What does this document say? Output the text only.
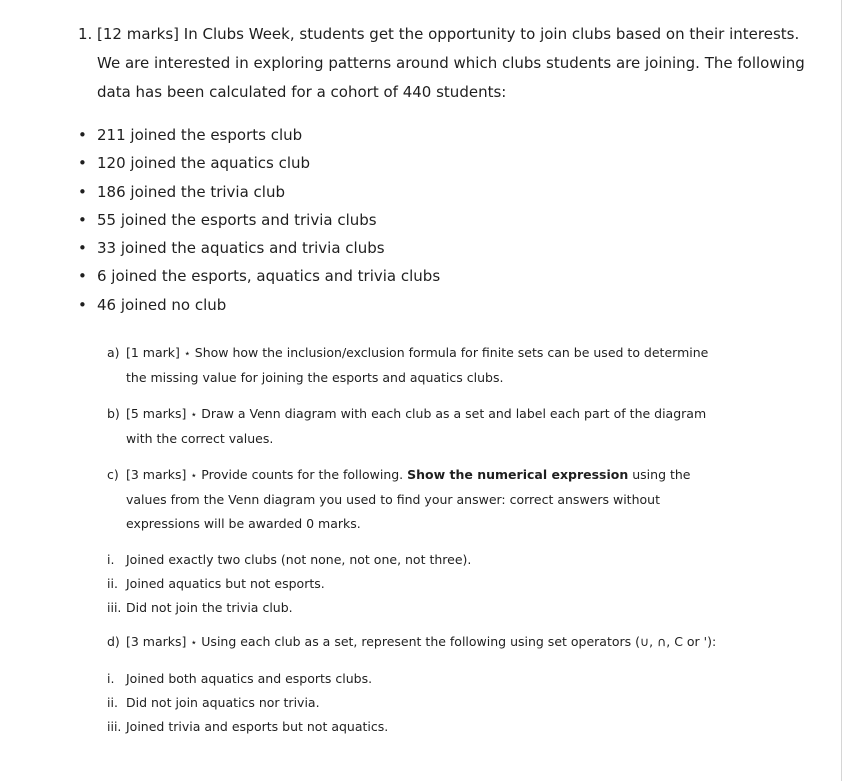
1. [12 marks] In Clubs Week, students get the opportunity to join clubs based on their interests. We are interested in exploring patterns around which clubs students are joining. The following data has been calculated for a cohort of 440 students:
• 211 joined the esports club
• 120 joined the aquatics club
• 186 joined the trivia club
• 55 joined the esports and trivia clubs
• 33 joined the aquatics and trivia clubs
• 6 joined the esports, aquatics and trivia clubs
• 46 joined no club
a) [1 mark] ⋆ Show how the inclusion/exclusion formula for finite sets can be used to determine the missing value for joining the esports and aquatics clubs.
b) [5 marks] ⋆ Draw a Venn diagram with each club as a set and label each part of the diagram with the correct values.
c) [3 marks] ⋆ Provide counts for the following. Show the numerical expression using the values from the Venn diagram you used to find your answer: correct answers without expressions will be awarded 0 marks.
i. Joined exactly two clubs (not none, not one, not three).
ii. Joined aquatics but not esports.
iii. Did not join the trivia club.
d) [3 marks] ⋆ Using each club as a set, represent the following using set operators (∪, ∩, C or '):
i. Joined both aquatics and esports clubs.
ii. Did not join aquatics nor trivia.
iii. Joined trivia and esports but not aquatics.
